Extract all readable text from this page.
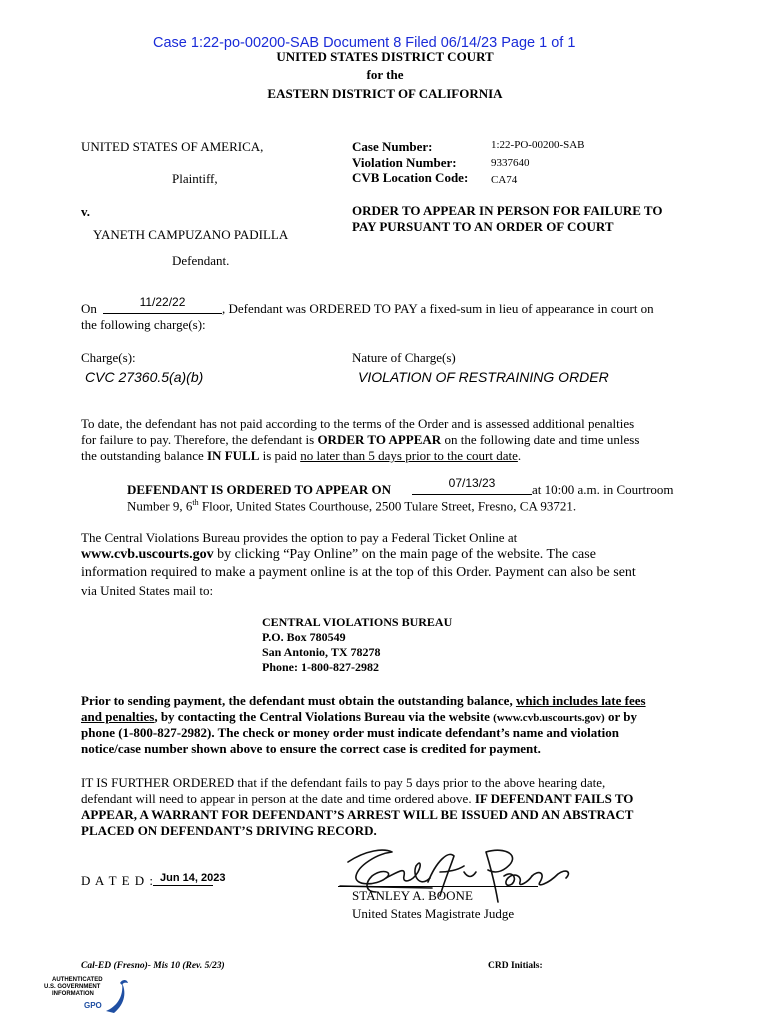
Case 1:22-po-00200-SAB Document 8 Filed 06/14/23 Page 1 of 1
UNITED STATES DISTRICT COURT
for the
EASTERN DISTRICT OF CALIFORNIA
UNITED STATES OF AMERICA,
Plaintiff,
v.
YANETH CAMPUZANO PADILLA
Defendant.
Case Number:	1:22-PO-00200-SAB
Violation Number:	9337640
CVB Location Code: CA74
ORDER TO APPEAR IN PERSON FOR FAILURE TO
PAY PURSUANT TO AN ORDER OF COURT
On	11/22/22	, Defendant was ORDERED TO PAY a fixed-sum in lieu of appearance in court on
the following charge(s):
Charge(s):	Nature of Charge(s)
CVC 27360.5(a)(b)	VIOLATION OF RESTRAINING ORDER
To date, the defendant has not paid according to the terms of the Order and is assessed additional penalties
for failure to pay. Therefore, the defendant is ORDER TO APPEAR on the following date and time unless
the outstanding balance IN FULL is paid no later than 5 days prior to the court date.
DEFENDANT IS ORDERED TO APPEAR ON	07/13/23	at 10:00 a.m. in Courtroom
Number 9, 6th Floor, United States Courthouse, 2500 Tulare Street, Fresno, CA 93721.
The Central Violations Bureau provides the option to pay a Federal Ticket Online at
www.cvb.uscourts.gov by clicking “Pay Online” on the main page of the website. The case
information required to make a payment online is at the top of this Order. Payment can also be sent
via United States mail to:
CENTRAL VIOLATIONS BUREAU
P.O. Box 780549
San Antonio, TX 78278
Phone: 1-800-827-2982
Prior to sending payment, the defendant must obtain the outstanding balance, which includes late fees
and penalties, by contacting the Central Violations Bureau via the website (www.cvb.uscourts.gov) or by
phone (1-800-827-2982). The check or money order must indicate defendant’s name and violation
notice/case number shown above to ensure the correct case is credited for payment.
IT IS FURTHER ORDERED that if the defendant fails to pay 5 days prior to the above hearing date,
defendant will need to appear in person at the date and time ordered above. IF DEFENDANT FAILS TO
APPEAR, A WARRANT FOR DEFENDANT’S ARREST WILL BE ISSUED AND AN ABSTRACT
PLACED ON DEFENDANT’S DRIVING RECORD.
D A T E D : Jun 14, 2023
STANLEY A. BOONE
United States Magistrate Judge
Cal-ED (Fresno)- Mis 10 (Rev. 5/23)	CRD Initials:
AUTHENTICATED
U.S. GOVERNMENT
INFORMATION
GPO
